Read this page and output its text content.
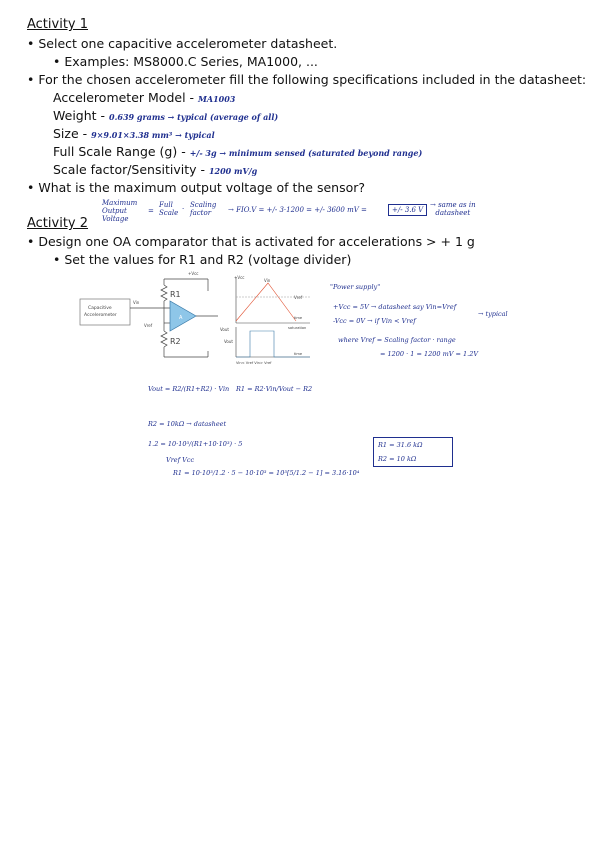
Activity 1
• Select one capacitive accelerometer datasheet.
• Examples: MS8000.C Series, MA1000, ...
• For the chosen accelerometer fill the following specifications included in the datasheet:
Accelerometer Model - MA1003
Weight - 0.639 grams → typical (average of all)
Size - 9×9.01×3.38 mm³ → typical
Full Scale Range (g) - +/- 3g → minimum sensed (saturated beyond range)
Scale factor/Sensitivity - 1200 mV/g
• What is the maximum output voltage of the sensor?
Maximum
Output
Voltage
=
Full
Scale · Scaling
factor	→ FIO.V = +/- 3·1200 = +/- 3600 mV =	+/- 3.6 V
→ same as in
datasheet
Activity 2
• Design one OA comparator that is activated for accelerations > + 1 g
• Set the values for R1 and R2 (voltage divider)
Capacitive
Accelerometer
Vin
R1
R2
Vref
A
+Vcc
Vout
+Vcc
Vin
Vref
time
saturation
Vout
time
Vin< Vref Vin> Vref
"Power supply"
+Vcc = 5V → datasheet say Vin=Vref
-Vcc = 0V → if Vin < Vref
→ typical
where Vref = Scaling factor · range
= 1200 · 1 = 1200 mV = 1.2V
Vout = R2/(R1+R2) · Vin R1 = R2·Vin/Vout − R2
R2 = 10kΩ → datasheet
1.2 = 10·10³/(R1+10·10³) · 5
Vref Vcc
R1 = 10·10³/1.2 · 5 − 10·10³ = 10³[5/1.2 − 1] = 3.16·10⁴
R1 = 31.6 kΩ
R2 = 10 kΩ
